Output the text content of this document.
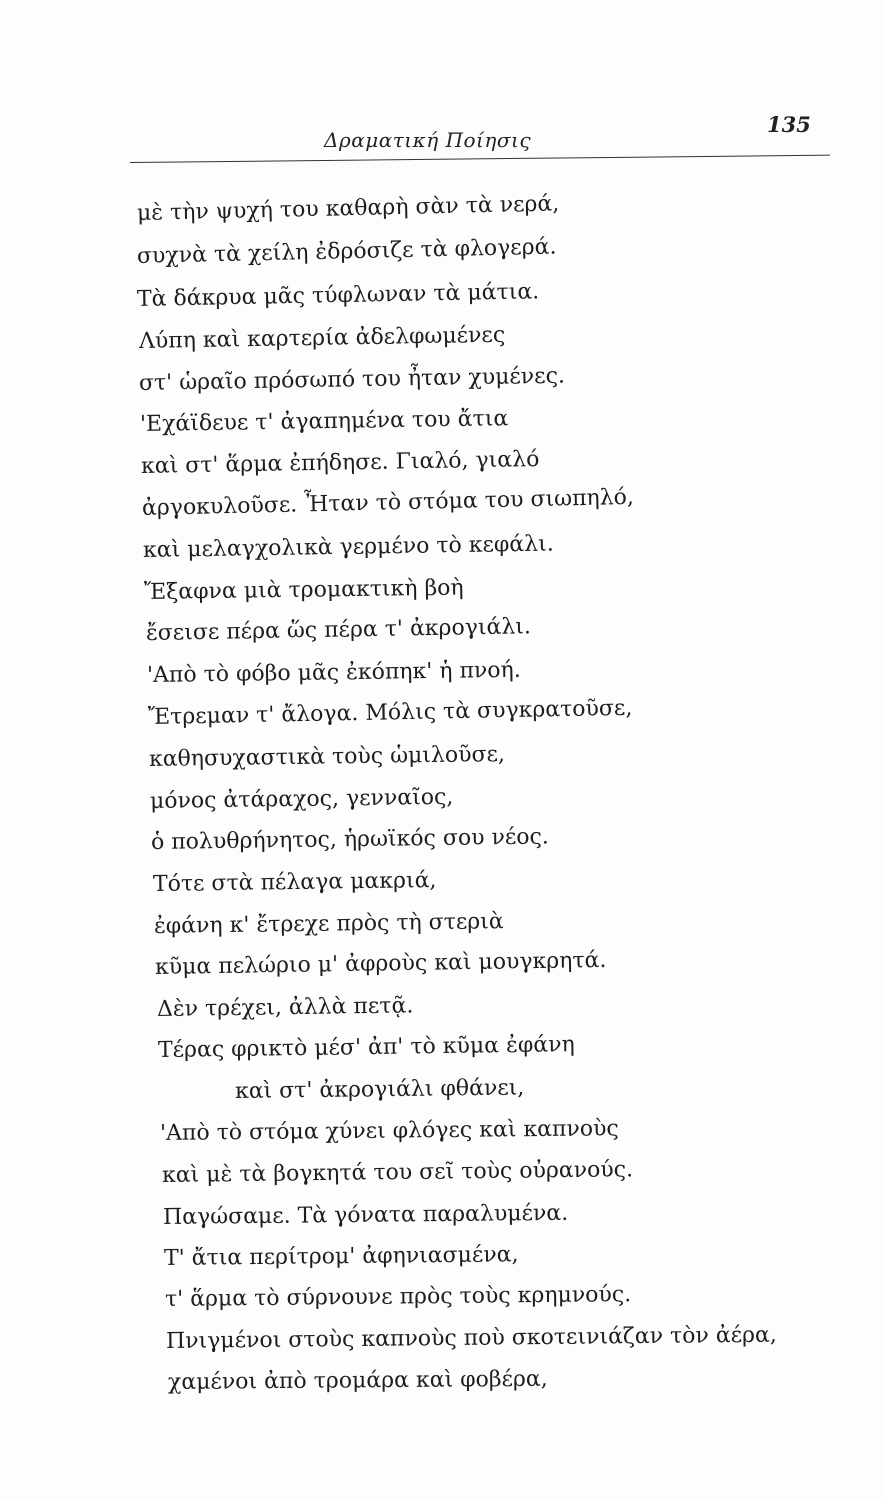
Δραματική Ποίησις
135
μὲ τὴν ψυχή του καθαρὴ σὰν τὰ νερά,
συχνὰ τὰ χείλη ἐδρόσιζε τὰ φλογερά.
Τὰ δάκρυα μᾶς τύφλωναν τὰ μάτια.
Λύπη καὶ καρτερία ἀδελφωμένες
στ' ὡραῖο πρόσωπό του ἦταν χυμένες.
'Εχάϊδευε τ' ἀγαπημένα του ἄτια
καὶ στ' ἅρμα ἐπήδησε. Γιαλό, γιαλό
ἀργοκυλοῦσε. Ἦταν τὸ στόμα του σιωπηλό,
καὶ μελαγχολικὰ γερμένο τὸ κεφάλι.
Ἔξαφνα μιὰ τρομακτικὴ βοὴ
ἔσεισε πέρα ὥς πέρα τ' ἀκρογιάλι.
'Απὸ τὸ φόβο μᾶς ἐκόπηκ' ἡ πνοή.
Ἔτρεμαν τ' ἄλογα. Μόλις τὰ συγκρατοῦσε,
καθησυχαστικὰ τοὺς ὡμιλοῦσε,
μόνος ἀτάραχος, γενναῖος,
ὁ πολυθρήνητος, ἡρωϊκός σου νέος.
Τότε στὰ πέλαγα μακριά,
ἐφάνη κ' ἔτρεχε πρὸς τὴ στεριὰ
κῦμα πελώριο μ' ἀφροὺς καὶ μουγκρητά.
Δὲν τρέχει, ἀλλὰ πετᾷ.
Τέρας φρικτὸ μέσ' ἀπ' τὸ κῦμα ἐφάνη
καὶ στ' ἀκρογιάλι φθάνει,
'Απὸ τὸ στόμα χύνει φλόγες καὶ καπνοὺς
καὶ μὲ τὰ βογκητά του σεῖ τοὺς οὐρανούς.
Παγώσαμε. Τὰ γόνατα παραλυμένα.
Τ' ἄτια περίτρομ' ἀφηνιασμένα,
τ' ἅρμα τὸ σύρνουνε πρὸς τοὺς κρημνούς.
Πνιγμένοι στοὺς καπνοὺς ποὺ σκοτεινιάζαν τὸν ἀέρα,
χαμένοι ἀπὸ τρομάρα καὶ φοβέρα,
